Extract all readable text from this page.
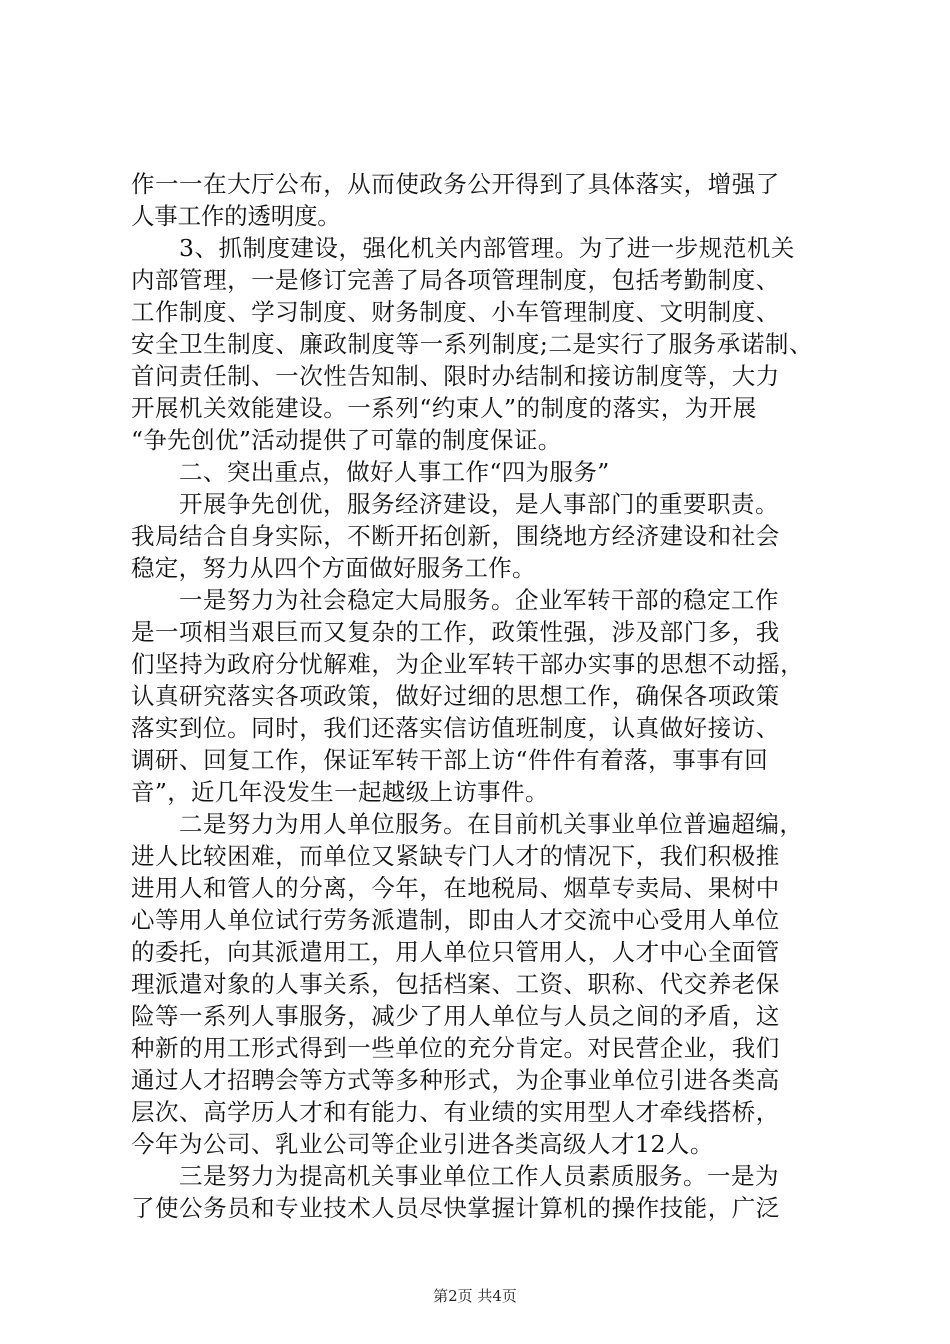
作一一在大厅公布，从而使政务公开得到了具体落实，增强了
人事工作的透明度。
3、抓制度建设，强化机关内部管理。为了进一步规范机关
内部管理，一是修订完善了局各项管理制度，包括考勤制度、
工作制度、学习制度、财务制度、小车管理制度、文明制度、
安全卫生制度、廉政制度等一系列制度;二是实行了服务承诺制、
首问责任制、一次性告知制、限时办结制和接访制度等，大力
开展机关效能建设。一系列“约束人”的制度的落实，为开展
“争先创优”活动提供了可靠的制度保证。
二、突出重点，做好人事工作“四为服务”
开展争先创优，服务经济建设，是人事部门的重要职责。
我局结合自身实际，不断开拓创新，围绕地方经济建设和社会
稳定，努力从四个方面做好服务工作。
一是努力为社会稳定大局服务。企业军转干部的稳定工作
是一项相当艰巨而又复杂的工作，政策性强，涉及部门多，我
们坚持为政府分忧解难，为企业军转干部办实事的思想不动摇，
认真研究落实各项政策，做好过细的思想工作，确保各项政策
落实到位。同时，我们还落实信访值班制度，认真做好接访、
调研、回复工作，保证军转干部上访“件件有着落，事事有回
音”，近几年没发生一起越级上访事件。
二是努力为用人单位服务。在目前机关事业单位普遍超编，
进人比较困难，而单位又紧缺专门人才的情况下，我们积极推
进用人和管人的分离，今年，在地税局、烟草专卖局、果树中
心等用人单位试行劳务派遣制，即由人才交流中心受用人单位
的委托，向其派遣用工，用人单位只管用人，人才中心全面管
理派遣对象的人事关系，包括档案、工资、职称、代交养老保
险等一系列人事服务，减少了用人单位与人员之间的矛盾，这
种新的用工形式得到一些单位的充分肯定。对民营企业，我们
通过人才招聘会等方式等多种形式，为企事业单位引进各类高
层次、高学历人才和有能力、有业绩的实用型人才牵线搭桥，
今年为公司、乳业公司等企业引进各类高级人才12人。
三是努力为提高机关事业单位工作人员素质服务。一是为
了使公务员和专业技术人员尽快掌握计算机的操作技能，广泛
第2页 共4页
